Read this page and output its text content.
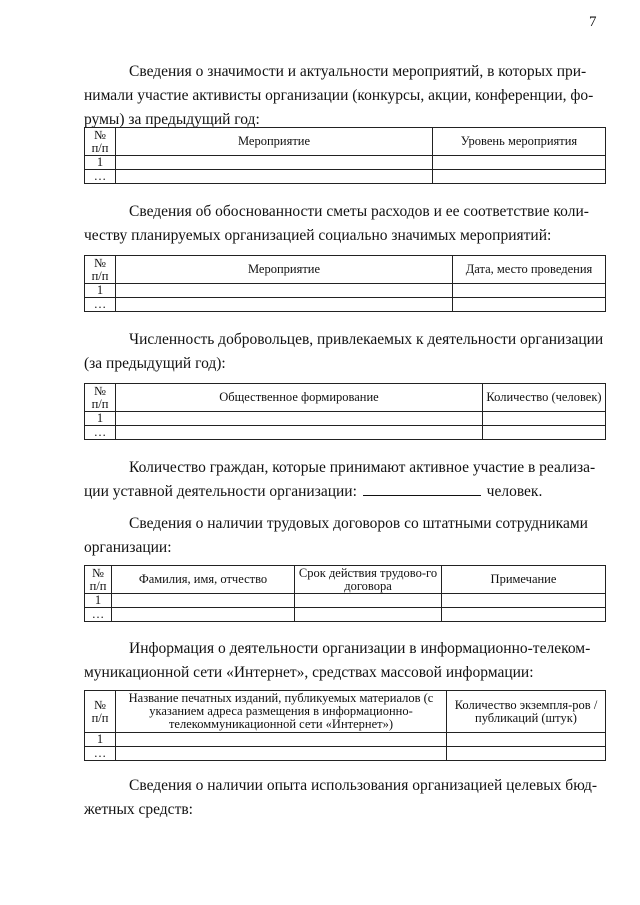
7
Сведения о значимости и актуальности мероприятий, в которых при-
нимали участие активисты организации (конкурсы, акции, конференции, фо-
румы) за предыдущий год:
№ п/п	Мероприятие	Уровень мероприятия
1		
…		
Сведения об обоснованности сметы расходов и ее соответствие коли-
честву планируемых организацией социально значимых мероприятий:
№ п/п	Мероприятие	Дата, место проведения
1		
…		
Численность добровольцев, привлекаемых к деятельности организации
(за предыдущий год):
№ п/п	Общественное формирование	Количество (человек)
1		
…		
Количество граждан, которые принимают активное участие в реализа-
ции уставной деятельности организации:	человек.
Сведения о наличии трудовых договоров со штатными сотрудниками
организации:
№ п/п	Фамилия, имя, отчество	Срок действия трудово-го договора	Примечание
1			
…			
Информация о деятельности организации в информационно-телеком-
муникационной сети «Интернет», средствах массовой информации:
№ п/п	Название печатных изданий, публикуемых материалов (с указанием адреса размещения в информационно-телекоммуникационной сети «Интернет»)	Количество экземпля-ров / публикаций (штук)
1		
…		
Сведения о наличии опыта использования организацией целевых бюд-
жетных средств:
